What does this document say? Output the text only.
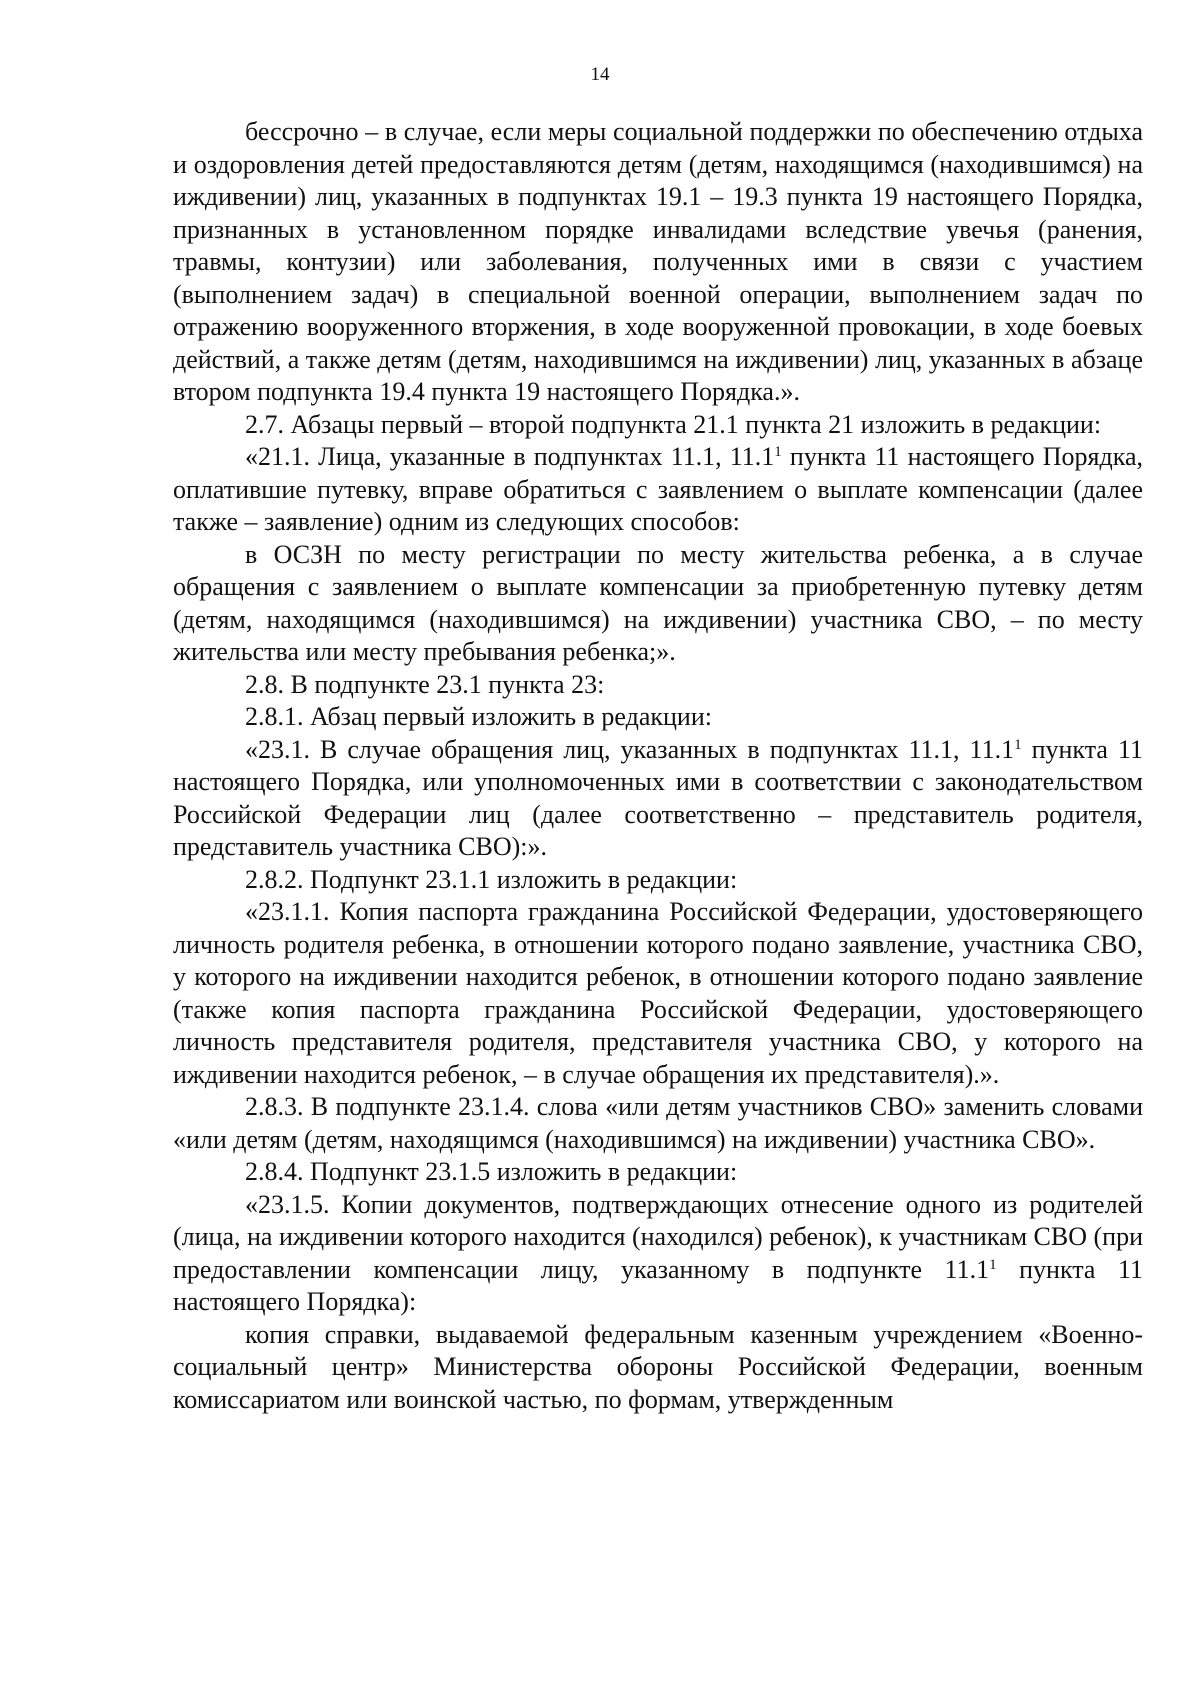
14

бессрочно – в случае, если меры социальной поддержки по обеспечению отдыха и оздоровления детей предоставляются детям (детям, находящимся (находившимся) на иждивении) лиц, указанных в подпунктах 19.1 – 19.3 пункта 19 настоящего Порядка, признанных в установленном порядке инвалидами вследствие увечья (ранения, травмы, контузии) или заболевания, полученных ими в связи с участием (выполнением задач) в специальной военной операции, выполнением задач по отражению вооруженного вторжения, в ходе вооруженной провокации, в ходе боевых действий, а также детям (детям, находившимся на иждивении) лиц, указанных в абзаце втором подпункта 19.4 пункта 19 настоящего Порядка.».

2.7. Абзацы первый – второй подпункта 21.1 пункта 21 изложить в редакции:

«21.1. Лица, указанные в подпунктах 11.1, 11.1$^1$ пункта 11 настоящего Порядка, оплатившие путевку, вправе обратиться с заявлением о выплате компенсации (далее также – заявление) одним из следующих способов:

в ОСЗН по месту регистрации по месту жительства ребенка, а в случае обращения с заявлением о выплате компенсации за приобретенную путевку детям (детям, находящимся (находившимся) на иждивении) участника СВО, – по месту жительства или месту пребывания ребенка;».

2.8. В подпункте 23.1 пункта 23:

2.8.1. Абзац первый изложить в редакции:

«23.1. В случае обращения лиц, указанных в подпунктах 11.1, 11.1$^1$ пункта 11 настоящего Порядка, или уполномоченных ими в соответствии с законодательством Российской Федерации лиц (далее соответственно – представитель родителя, представитель участника СВО):».

2.8.2. Подпункт 23.1.1 изложить в редакции:

«23.1.1. Копия паспорта гражданина Российской Федерации, удостоверяющего личность родителя ребенка, в отношении которого подано заявление, участника СВО, у которого на иждивении находится ребенок, в отношении которого подано заявление (также копия паспорта гражданина Российской Федерации, удостоверяющего личность представителя родителя, представителя участника СВО, у которого на иждивении находится ребенок, – в случае обращения их представителя).».

2.8.3. В подпункте 23.1.4. слова «или детям участников СВО» заменить словами «или детям (детям, находящимся (находившимся) на иждивении) участника СВО».

2.8.4. Подпункт 23.1.5 изложить в редакции:

«23.1.5. Копии документов, подтверждающих отнесение одного из родителей (лица, на иждивении которого находится (находился) ребенок), к участникам СВО (при предоставлении компенсации лицу, указанному в подпункте 11.1$^1$ пункта 11 настоящего Порядка):

копия справки, выдаваемой федеральным казенным учреждением «Военно-социальный центр» Министерства обороны Российской Федерации, военным комиссариатом или воинской частью, по формам, утвержденным
